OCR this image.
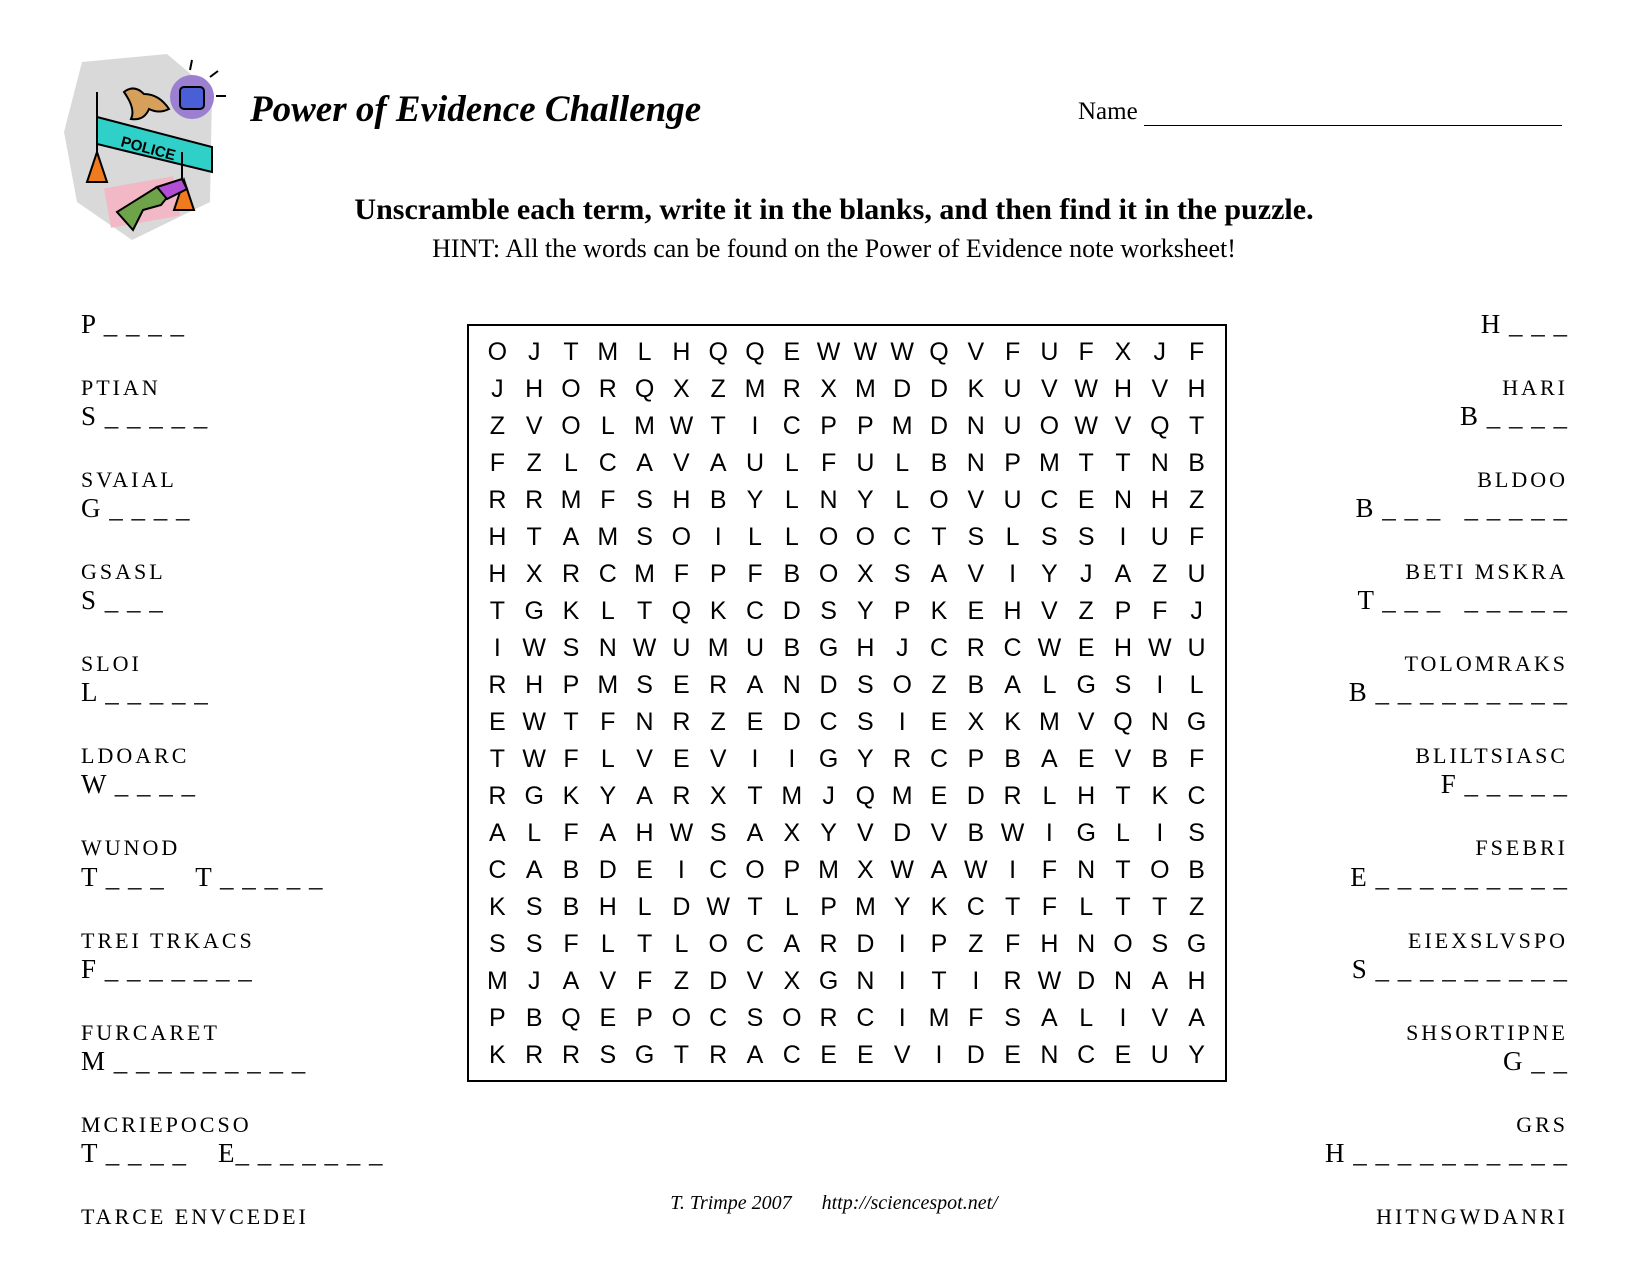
POLICE
Power of Evidence Challenge	Name
Unscramble each term, write it in the blanks, and then find it in the puzzle.
HINT: All the words can be found on the Power of Evidence note worksheet!

P _ _ _ _

PTIAN

S _ _ _ _ _

SVAIAL

G _ _ _ _

GSASL

S _ _ _

SLOI

L _ _ _ _ _

LDOARC

W _ _ _ _

WUNOD

T _ _ _    T _ _ _ _ _

TREI TRKACS

F _ _ _ _ _ _ _

FURCARET

M _ _ _ _ _ _ _ _ _

MCRIEPOCSO

T _ _ _ _    E_ _ _ _ _ _ _

TARCE ENVCEDEI

H _ _ _

HARI

B _ _ _ _

BLDOO

B _ _ _   _ _ _ _ _

BETI MSKRA

T _ _ _   _ _ _ _ _

TOLOMRAKS

B _ _ _ _ _ _ _ _ _

BLILTSIASC

F _ _ _ _ _

FSEBRI

E _ _ _ _ _ _ _ _ _

EIEXSLVSPO

S _ _ _ _ _ _ _ _ _

SHSORTIPNE

G _ _

GRS

H _ _ _ _ _ _ _ _ _ _

HITNGWDANRI

O J T M L H Q Q E W W W Q V F U F X J F
J H O R Q X Z M R X M D D K U V W H V H
Z V O L M W T	I C P P M D N U O W V Q T
F Z L C A V A U L F U L B N P M T T N B
R R M F S H B Y L N Y L O V U C E N H Z
H T A M S O I	L L O O C T S L S S I U F
H X R C M F P F B O X S A V I Y J A Z U
T G K L T Q K C D S Y P K E H V Z P F J
I W S N W U M U B G H J C R C W E H W U
R H P M S E R A N D S O Z B A L G S I	L
E W T F N R Z E D C S I E X K M V Q N G
T W F L V E V I	I G Y R C P B A E V B F
R G K Y A R X T M J Q M E D R L H T K C
A L F A H W S A X Y V D V B W I G L	I S
C A B D E I C O P M X W A W I	F N T O B
K S B H L D W T L P M Y K C T F L T T Z
S S F L T L O C A R D I P Z F H N O S G
M J A V F Z D V X G N I	T	I R W D N A H
P B Q E P O C S O R C I M F S A L	I V A
K R R S G T R A C E E V I D E N C E U Y
T. Trimpe 2007 http://sciencespot.net/
